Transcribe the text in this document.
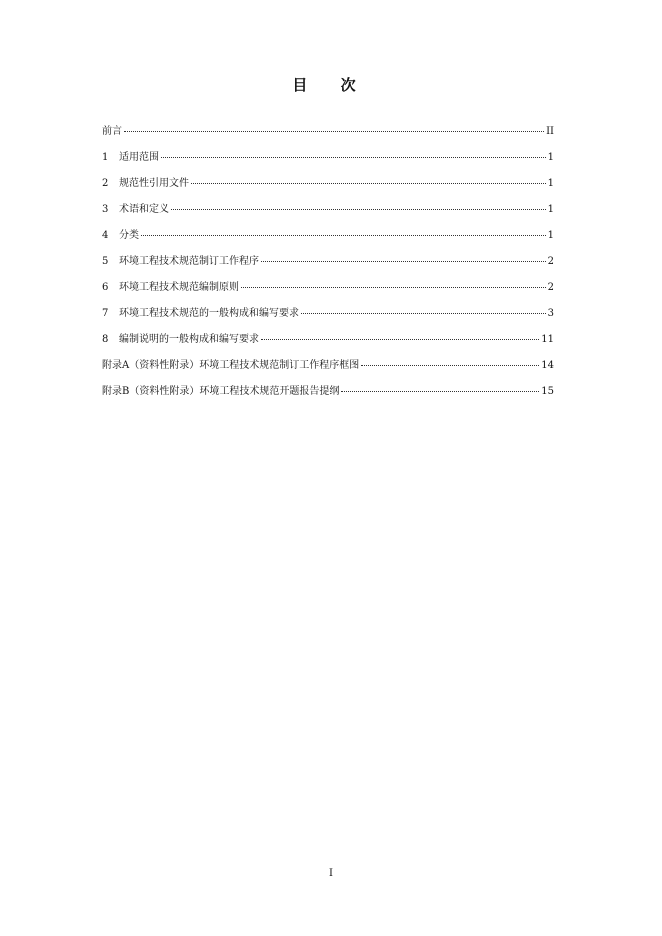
目 次
前言	II
1	适用范围	1
2	规范性引用文件	1
3	术语和定义	1
4	分类	1
5	环境工程技术规范制订工作程序	2
6	环境工程技术规范编制原则	2
7	环境工程技术规范的一般构成和编写要求	3
8	编制说明的一般构成和编写要求	11
附录A（资料性附录）环境工程技术规范制订工作程序框图	14
附录B（资料性附录）环境工程技术规范开题报告提纲	15
I
